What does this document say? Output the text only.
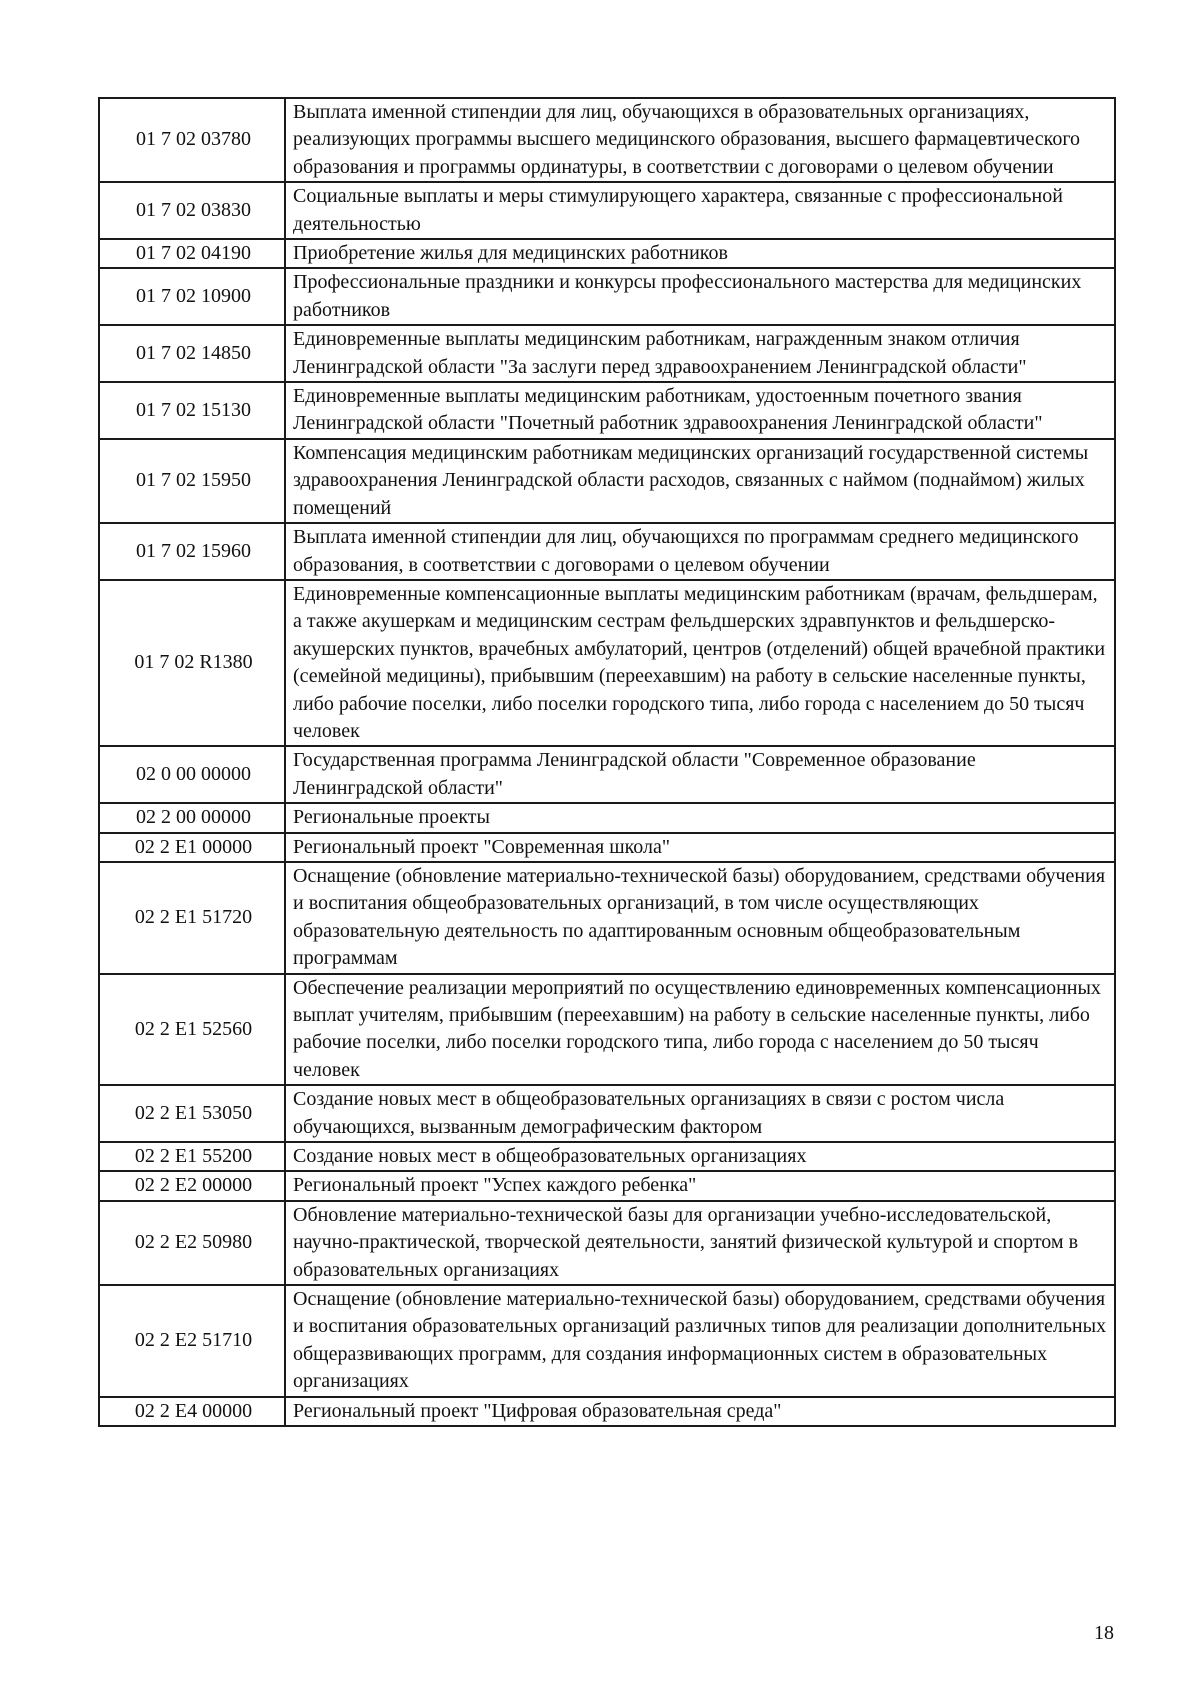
01 7 02 03780	Выплата именной стипендии для лиц, обучающихся в образовательных организациях, реализующих программы высшего медицинского образования, высшего фармацевтического образования и программы ординатуры, в соответствии с договорами о целевом обучении
01 7 02 03830	Социальные выплаты и меры стимулирующего характера, связанные с профессиональной деятельностью
01 7 02 04190	Приобретение жилья для медицинских работников
01 7 02 10900	Профессиональные праздники и конкурсы профессионального мастерства для медицинских работников
01 7 02 14850	Единовременные выплаты медицинским работникам, награжденным знаком отличия Ленинградской области "За заслуги перед здравоохранением Ленинградской области"
01 7 02 15130	Единовременные выплаты медицинским работникам, удостоенным почетного звания Ленинградской области "Почетный работник здравоохранения Ленинградской области"
01 7 02 15950	Компенсация медицинским работникам медицинских организаций государственной системы здравоохранения Ленинградской области расходов, связанных с наймом (поднаймом) жилых помещений
01 7 02 15960	Выплата именной стипендии для лиц, обучающихся по программам среднего медицинского образования, в соответствии с договорами о целевом обучении
01 7 02 R1380	Единовременные компенсационные выплаты медицинским работникам (врачам, фельдшерам, а также акушеркам и медицинским сестрам фельдшерских здравпунктов и фельдшерско-акушерских пунктов, врачебных амбулаторий, центров (отделений) общей врачебной практики (семейной медицины), прибывшим (переехавшим) на работу в сельские населенные пункты, либо рабочие поселки, либо поселки городского типа, либо города с населением до 50 тысяч человек
02 0 00 00000	Государственная программа Ленинградской области "Современное образование Ленинградской области"
02 2 00 00000	Региональные проекты
02 2 E1 00000	Региональный проект "Современная школа"
02 2 E1 51720	Оснащение (обновление материально-технической базы) оборудованием, средствами обучения и воспитания общеобразовательных организаций, в том числе осуществляющих образовательную деятельность по адаптированным основным общеобразовательным программам
02 2 E1 52560	Обеспечение реализации мероприятий по осуществлению единовременных компенсационных выплат учителям, прибывшим (переехавшим) на работу в сельские населенные пункты, либо рабочие поселки, либо поселки городского типа, либо города с населением до 50 тысяч человек
02 2 E1 53050	Создание новых мест в общеобразовательных организациях в связи с ростом числа обучающихся, вызванным демографическим фактором
02 2 E1 55200	Создание новых мест в общеобразовательных организациях
02 2 E2 00000	Региональный проект "Успех каждого ребенка"
02 2 E2 50980	Обновление материально-технической базы для организации учебно-исследовательской, научно-практической, творческой деятельности, занятий физической культурой и спортом в образовательных организациях
02 2 E2 51710	Оснащение (обновление материально-технической базы) оборудованием, средствами обучения и воспитания образовательных организаций различных типов для реализации дополнительных общеразвивающих программ, для создания информационных систем в образовательных организациях
02 2 E4 00000	Региональный проект "Цифровая образовательная среда"
18
